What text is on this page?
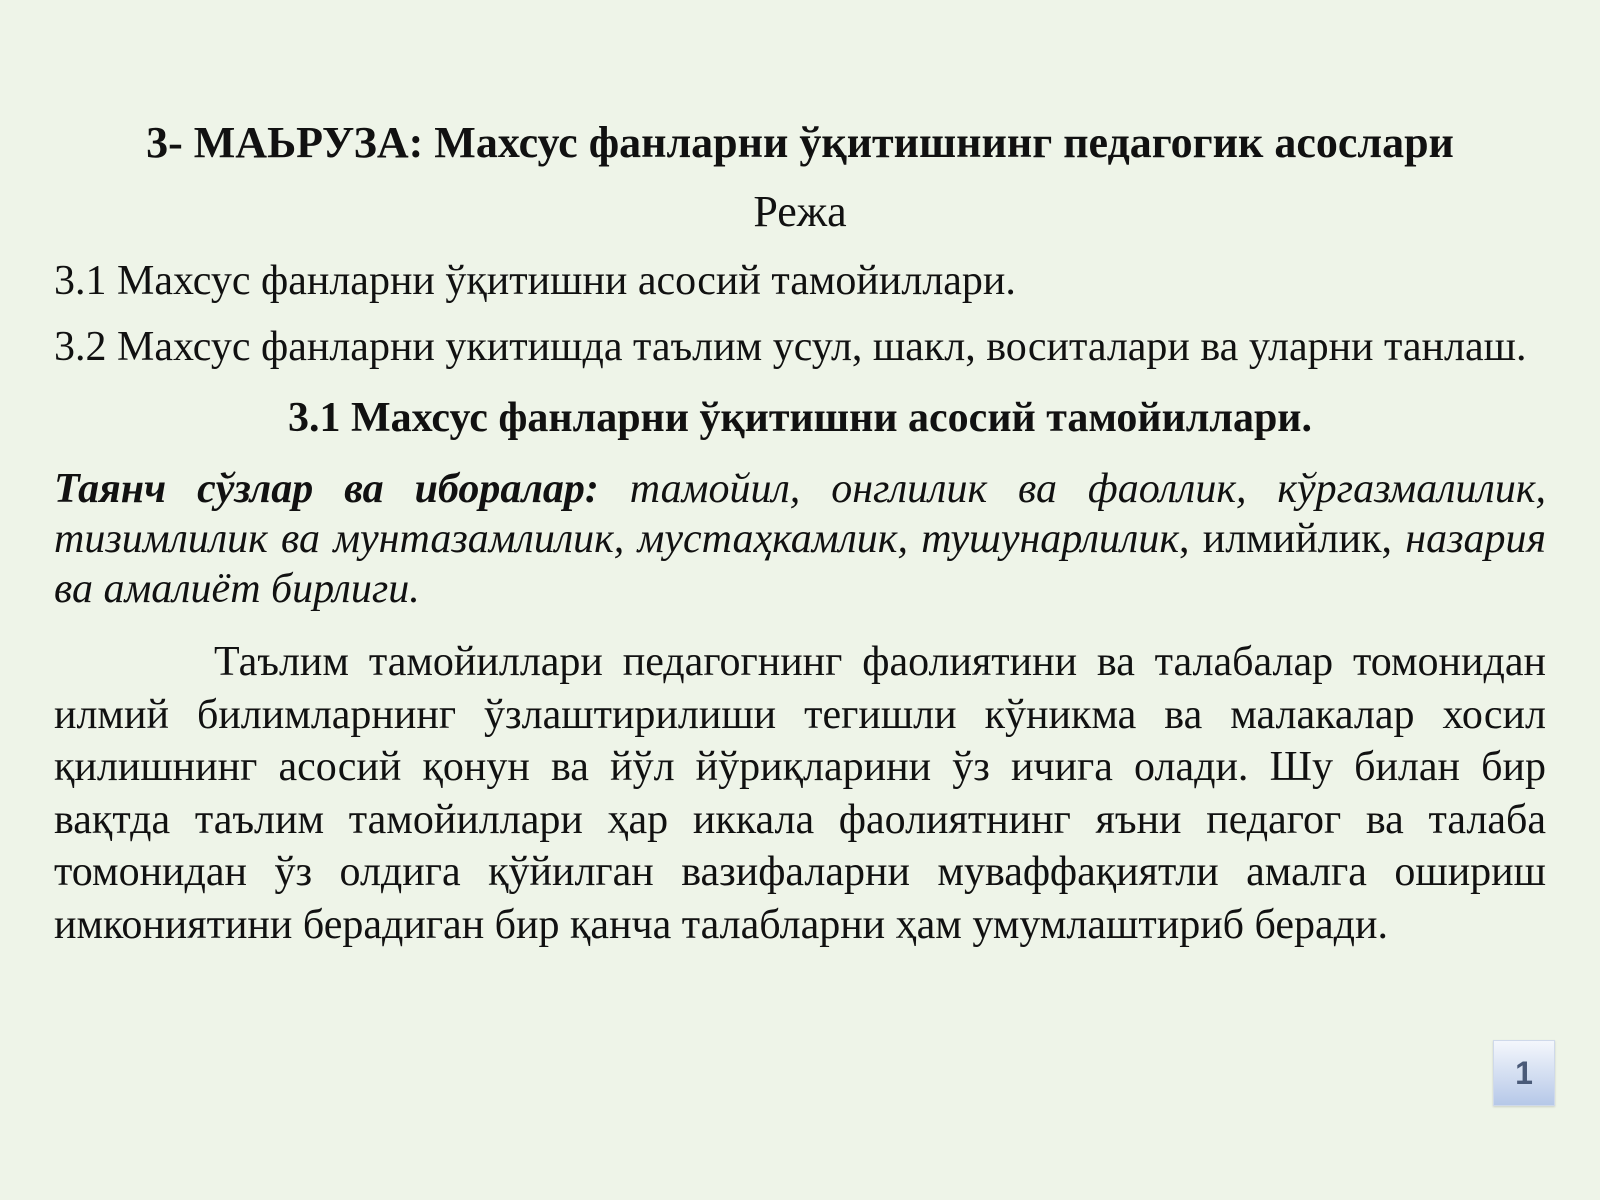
3- МАЬРУЗА: Махсус фанларни ўқитишнинг педагогик асослари
Режа
3.1 Махсус фанларни ўқитишни асосий тамойиллари.
3.2 Махсус фанларни укитишда таълим усул, шакл, воситалари ва уларни танлаш.
3.1 Махсус фанларни ўқитишни асосий тамойиллари.
Таянч сўзлар ва иборалар: тамойил, онглилик ва фаоллик, кўргазмалилик, тизимлилик ва мунтазамлилик, мустаҳкамлик, тушунарлилик, илмийлик, назария ва амалиёт бирлиги.
Таълим тамойиллари педагогнинг фаолиятини ва талабалар томонидан илмий билимларнинг ўзлаштирилиши тегишли кўникма ва малакалар хосил қилишнинг асосий қонун ва йўл йўриқларини ўз ичига олади. Шу билан бир вақтда таълим тамойиллари ҳар иккала фаолиятнинг яъни педагог ва талаба томонидан ўз олдига қўйилган вазифаларни муваффақиятли амалга ошириш имкониятини берадиган бир қанча талабларни ҳам умумлаштириб беради.
1
